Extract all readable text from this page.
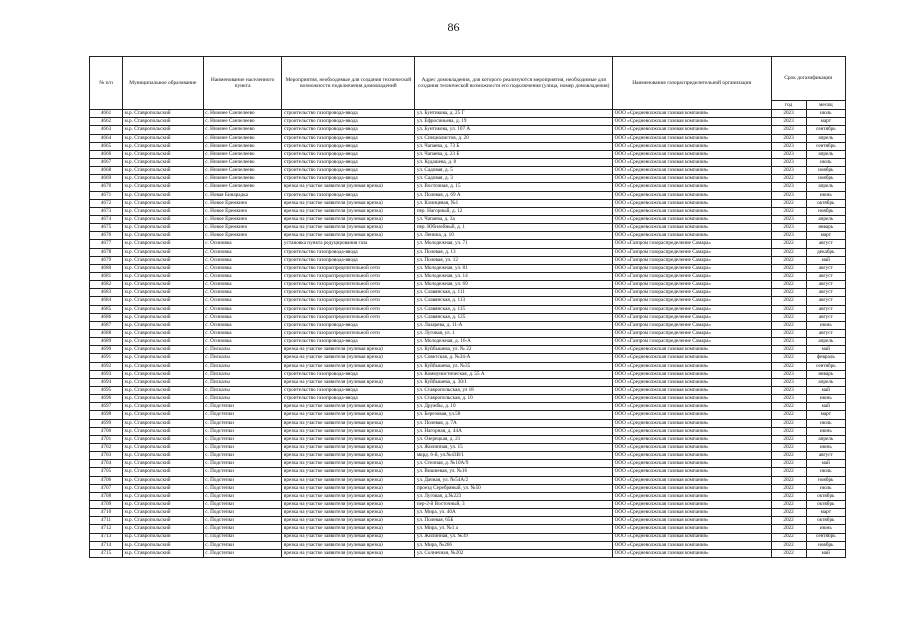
86
№ п/п	Муниципальное образование	Наименование населенного пункта	Мероприятия, необходимые для создания технической возможности подключения домовладений	Адрес домовладения, для которого реализуются мероприятия, необходимые для создания технической возможности его подключения (улица, номер домовладения)	Наименование газораспределительной организации	Срок догазификации	
						год	месяц
4661	м.р. Ставропольский	с. Нижнее Санчелеево	строительство газопровода-ввода	ул. Бунтикова, д. 25 Г	ООО «Средневолжская газовая компания»	2023	июль
4662	м.р. Ставропольский	с. Нижнее Санчелеево	строительство газопровода-ввода	ул. Ефросиньева, д. 19	ООО «Средневолжская газовая компания»	2023	март
4663	м.р. Ставропольский	с. Нижнее Санчелеево	строительство газопровода-ввода	ул. Бунтикова, ул. 107 А	ООО «Средневолжская газовая компания»	2023	сентябрь
4664	м.р. Ставропольский	с. Нижнее Санчелеево	строительство газопровода-ввода	ул. Специалистов, д. 20	ООО «Средневолжская газовая компания»	2023	апрель
4665	м.р. Ставропольский	с. Нижнее Санчелеево	строительство газопровода-ввода	ул. Чапаева, д. 73 Б	ООО «Средневолжская газовая компания»	2023	сентябрь
4666	м.р. Ставропольский	с. Нижнее Санчелеево	строительство газопровода-ввода	ул. Чапаева, д. 23 Б	ООО «Средневолжская газовая компания»	2023	апрель
4667	м.р. Ставропольский	с. Нижнее Санчелеево	строительство газопровода-ввода	ул. Кудашева, д. 8	ООО «Средневолжская газовая компания»	2023	июль
4668	м.р. Ставропольский	с. Нижнее Санчелеево	строительство газопровода-ввода	ул. Садовая, д. 5	ООО «Средневолжская газовая компания»	2023	ноябрь
4669	м.р. Ставропольский	с. Нижнее Санчелеево	строительство газопровода-ввода	ул. Садовая, д. 3	ООО «Средневолжская газовая компания»	2022	ноябрь
4670	м.р. Ставропольский	с. Нижнее Санчелеево	врезка на участке заявителя (нулевая врезка)	ул. Восточная, д. 15	ООО «Средневолжская газовая компания»	2023	апрель
4671	м.р. Ставропольский	с. Новая Бинарадка	строительство газопровода-ввода	ул. Полевая, д. 69 А	ООО «Средневолжская газовая компания»	2023	июнь
4672	м.р. Ставропольский	с. Новое Еремкино	врезка на участке заявителя (нулевая врезка)	ул. Клинцевая, №1	ООО «Средневолжская газовая компания»	2022	октябрь
4673	м.р. Ставропольский	с. Новое Еремкино	врезка на участке заявителя (нулевая врезка)	пер. Нагорный, д. 12	ООО «Средневолжская газовая компания»	2022	ноябрь
4674	м.р. Ставропольский	с. Новое Еремкино	врезка на участке заявителя (нулевая врезка)	ул. Чапаева, д. 3а	ООО «Средневолжская газовая компания»	2023	апрель
4675	м.р. Ставропольский	с. Новое Еремкино	врезка на участке заявителя (нулевая врезка)	пер. Юбилейный, д. 1	ООО «Средневолжская газовая компания»	2023	январь
4676	м.р. Ставропольский	с. Новое Еремкино	врезка на участке заявителя (нулевая врезка)	ул. Ленина, д. 10	ООО «Средневолжская газовая компания»	2023	март
4677	м.р. Ставропольский	с. Осиновка	установка пункта редуцирования газа	ул. Молодежная, ул. 71	ООО «Газпром газораспределение Самара»	2022	август
4678	м.р. Ставропольский	с. Осиновка	строительство газопровода-ввода	ул. Полевая, д. 13	ООО «Газпром газораспределение Самара»	2022	декабрь
4679	м.р. Ставропольский	с. Осиновка	строительство газопровода-ввода	ул. Полевая, ул. 12	ООО «Газпром газораспределение Самара»	2022	май
4680	м.р. Ставропольский	с. Осиновка	строительство газораспределительной сети	ул. Молодежная, ул. 81	ООО «Газпром газораспределение Самара»	2022	август
4681	м.р. Ставропольский	с. Осиновка	строительство газораспределительной сети	ул. Молодежная, ул. 14	ООО «Газпром газораспределение Самара»	2022	август
4682	м.р. Ставропольский	с. Осиновка	строительство газораспределительной сети	ул. Молодежная, ул. 69	ООО «Газпром газораспределение Самара»	2022	август
4683	м.р. Ставропольский	с. Осиновка	строительство газораспределительной сети	ул. Славянская, д. 111	ООО «Газпром газораспределение Самара»	2022	август
4684	м.р. Ставропольский	с. Осиновка	строительство газораспределительной сети	ул. Славянская, д. 113	ООО «Газпром газораспределение Самара»	2022	август
4685	м.р. Ставропольский	с. Осиновка	строительство газораспределительной сети	ул. Славянская, д. 115	ООО «Газпром газораспределение Самара»	2022	август
4686	м.р. Ставропольский	с. Осиновка	строительство газораспределительной сети	ул. Славянская, д. 125	ООО «Газпром газораспределение Самара»	2022	август
4687	м.р. Ставропольский	с. Осиновка	строительство газопровода-ввода	ул. Лазарева, д. 11-А	ООО «Газпром газораспределение Самара»	2022	июнь
4688	м.р. Ставропольский	с. Осиновка	строительство газораспределительной сети	ул. Луговая, ул. 1	ООО «Газпром газораспределение Самара»	2022	август
4689	м.р. Ставропольский	с. Осиновка	строительство газопровода-ввода	ул. Молодежная, д. 16-А	ООО «Газпром газораспределение Самара»	2023	апрель
4690	м.р. Ставропольский	с. Пискалы	врезка на участке заявителя (нулевая врезка)	ул. Куйбышева, ул. № 22	ООО «Средневолжская газовая компания»	2022	май
4691	м.р. Ставропольский	с. Пискалы	врезка на участке заявителя (нулевая врезка)	ул. Советская, д. №34-А	ООО «Средневолжская газовая компания»	2022	февраль
4692	м.р. Ставропольский	с. Пискалы	врезка на участке заявителя (нулевая врезка)	ул. Куйбышева, ул. №35	ООО «Средневолжская газовая компания»	2022	сентябрь
4693	м.р. Ставропольский	с. Пискалы	строительство газопровода-ввода	ул. Коммунистическая, д. 55 А	ООО «Средневолжская газовая компания»	2023	январь
4694	м.р. Ставропольский	с. Пискалы	врезка на участке заявителя (нулевая врезка)	ул. Куйбышева, д. 30/1	ООО «Средневолжская газовая компания»	2023	апрель
4695	м.р. Ставропольский	с. Пискалы	строительство газопровода-ввода	ул. Ставропольская, ул 18	ООО «Средневолжская газовая компания»	2023	май
4696	м.р. Ставропольский	с. Пискалы	строительство газопровода-ввода	ул. Ставропольская, д. 10	ООО «Средневолжская газовая компания»	2023	июнь
4697	м.р. Ставропольский	с. Подстепки	врезка на участке заявителя (нулевая врезка)	ул. Дружбы, д. 10	ООО «Средневолжская газовая компания»	2022	май
4698	м.р. Ставропольский	с. Подстепки	врезка на участке заявителя (нулевая врезка)	ул. Березовая, ул.58	ООО «Средневолжская газовая компания»	2022	март
4699	м.р. Ставропольский	с. Подстепки	врезка на участке заявителя (нулевая врезка)	ул. Полевая, д. 7А	ООО «Средневолжская газовая компания»	2022	июль
4700	м.р. Ставропольский	с. Подстепки	врезка на участке заявителя (нулевая врезка)	ул. Нагорная, д. 44А	ООО «Средневолжская газовая компания»	2022	июнь
4701	м.р. Ставропольский	с. Подстепки	врезка на участке заявителя (нулевая врезка)	ул. Озерецкая, д. 21	ООО «Средневолжская газовая компания»	2022	апрель
4702	м.р. Ставропольский	с. Подстепки	врезка на участке заявителя (нулевая врезка)	ул. Жилинная, ул. 15	ООО «Средневолжская газовая компания»	2022	июнь
4703	м.р. Ставропольский	с. Подстепки	врезка на участке заявителя (нулевая врезка)	мкрд. 6-й, ул.№43В/1	ООО «Средневолжская газовая компания»	2022	август
4704	м.р. Ставропольский	с. Подстепки	врезка на участке заявителя (нулевая врезка)	ул. Степная, д. №10А/9	ООО «Средневолжская газовая компания»	2022	май
4705	м.р. Ставропольский	с. Подстепки	врезка на участке заявителя (нулевая врезка)	ул. Вишневая, ул. №16	ООО «Средневолжская газовая компания»	2022	июль
4706	м.р. Ставропольский	с. Подстепки	врезка на участке заявителя (нулевая врезка)	ул. Дачная, ул. №54А/2	ООО «Средневолжская газовая компания»	2022	ноябрь
4707	м.р. Ставропольский	с. Подстепки	врезка на участке заявителя (нулевая врезка)	проезд Серебряный, ул. №50	ООО «Средневолжская газовая компания»	2022	июль
4708	м.р. Ставропольский	с. Подстепки	врезка на участке заявителя (нулевая врезка)	ул. Луговая, д.№223	ООО «Средневолжская газовая компания»	2022	октябрь
4709	м.р. Ставропольский	с. Подстепки	врезка на участке заявителя (нулевая врезка)	пер-2-й Восточный, 3	ООО «Средневолжская газовая компания»	2022	октябрь
4710	м.р. Ставропольский	с. Подстепки	врезка на участке заявителя (нулевая врезка)	ул. Мира, ул. 40А	ООО «Средневолжская газовая компания»	2022	март
4711	м.р. Ставропольский	с. Подстепки	врезка на участке заявителя (нулевая врезка)	ул. Полевая, 65Б	ООО «Средневолжская газовая компания»	2022	октябрь
4712	м.р. Ставропольский	с. Подстепки	врезка на участке заявителя (нулевая врезка)	ул. Мира, ул. №1 а	ООО «Средневолжская газовая компания»	2022	июнь
4713	м.р. Ставропольский	с. Подстепки	врезка на участке заявителя (нулевая врезка)	ул. Жилинная, ул. №39	ООО «Средневолжская газовая компания»	2022	сентябрь
4714	м.р. Ставропольский	с. Подстепки	врезка на участке заявителя (нулевая врезка)	ул. Мира, №266	ООО «Средневолжская газовая компания»	2022	ноябрь
4715	м.р. Ставропольский	с. Подстепки	врезка на участке заявителя (нулевая врезка)	ул. Солнечная, №202	ООО «Средневолжская газовая компания»	2022	май
